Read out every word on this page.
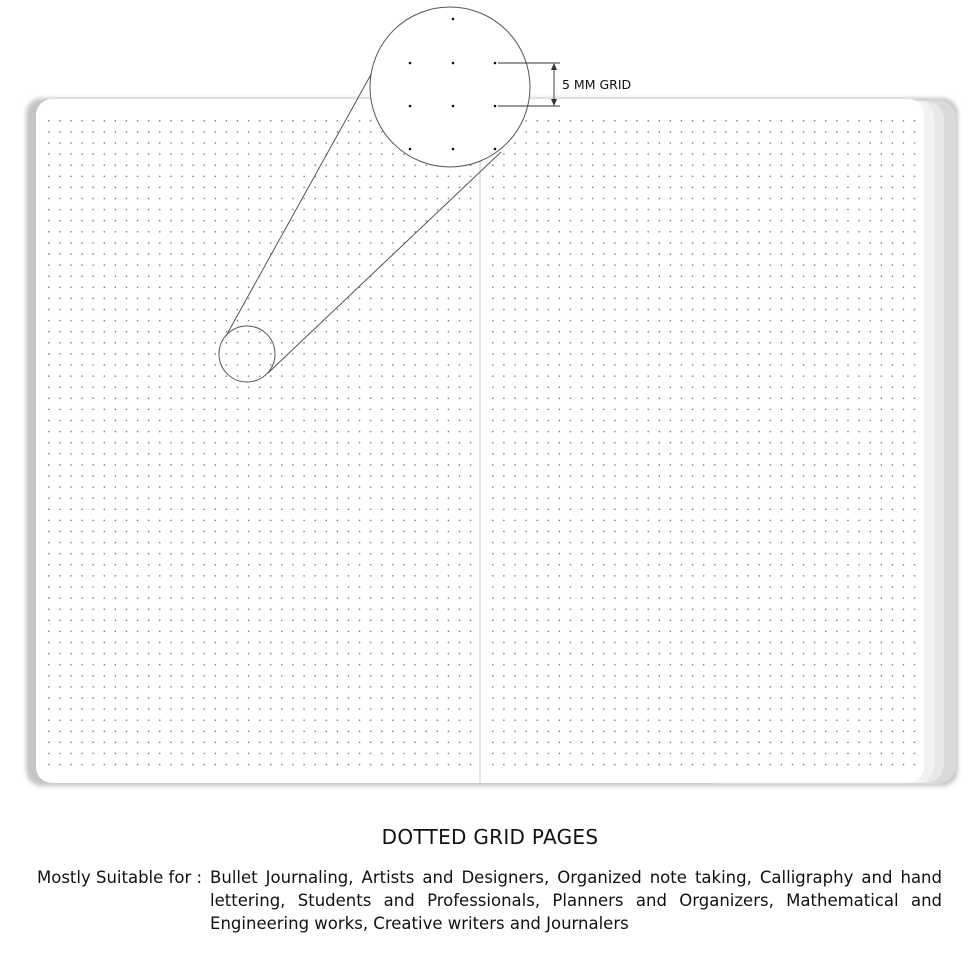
5 MM GRID
DOTTED GRID PAGES
Mostly Suitable for : Bullet Journaling, Artists and Designers, Organized note taking, Calligraphy and hand lettering, Students and Professionals, Planners and Organizers, Mathematical and Engineering works, Creative writers and Journalers
